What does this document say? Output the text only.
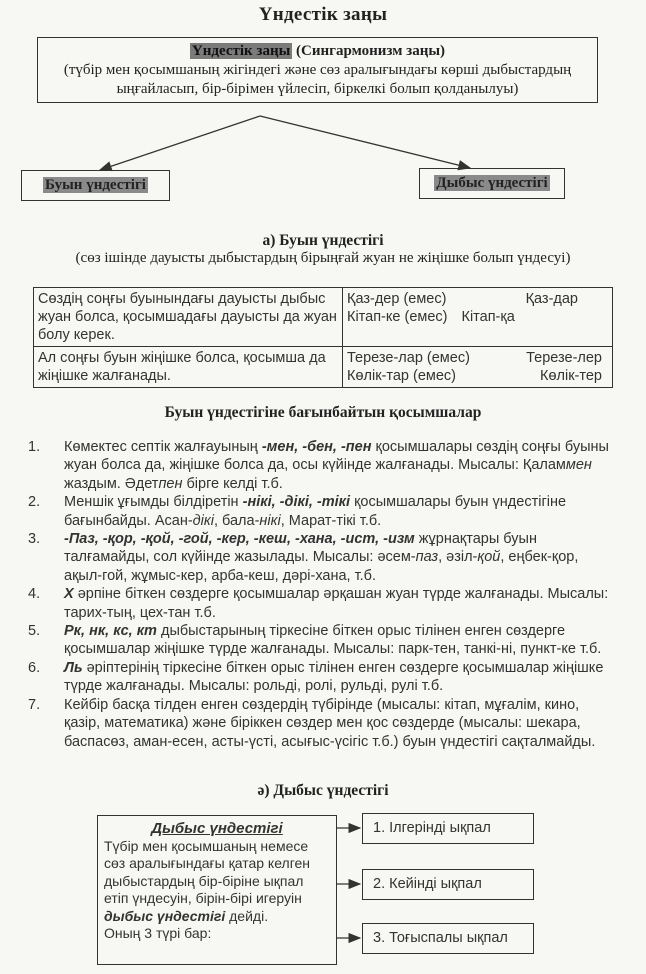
Үндестік заңы
Үндестік заңы (Сингармонизм заңы)
(түбір мен қосымшаның жігіндегі және сөз аралығындағы көрші дыбыстардың ыңғайласып, бір-бірімен үйлесіп, біркелкі болып қолданылуы)
Буын үндестігі	Дыбыс үндестігі
а) Буын үндестігі
(сөз ішінде дауысты дыбыстардың бірыңғай жуан не жіңішке болып үндесуі)
Сөздің соңғы буынындағы дауысты дыбыс жуан болса, қосымшадағы дауысты да жуан болу керек.	Қаз-дер (емес) Қаз-дар
Кітап-ке (емес) Кітап-қа

Ал соңғы буын жіңішке болса, қосымша да жіңішке жалғанады.	Терезе-лар (емес) Терезе-лер
Көлік-тар (емес) Көлік-тер
Буын үндестігіне бағынбайтын қосымшалар
1.	Көмектес септік жалғауының -мен, -бен, -пен қосымшалары сөздің соңғы буыны жуан болса да, жіңішке болса да, осы күйінде жалғанады. Мысалы: Қаламмен жаздым. Әдетпен бірге келді т.б.
2.	Меншік ұғымды білдіретін -нікі, -дікі, -тікі қосымшалары буын үндестігіне бағынбайды. Асан-дікі, бала-нікі, Марат-тікі т.б.
3.	-Паз, -қор, -қой, -гой, -кер, -кеш, -хана, -ист, -изм жұрнақтары буын талғамайды, сол күйінде жазылады. Мысалы: әсем-паз, әзіл-қой, еңбек-қор, ақыл-гой, жұмыс-кер, арба-кеш, дәрі-хана, т.б.
4.	Х әрпіне біткен сөздерге қосымшалар әрқашан жуан түрде жалғанады. Мысалы: тарих-тың, цех-тан т.б.
5.	Рк, нк, кс, кт дыбыстарының тіркесіне біткен орыс тілінен енген сөздерге қосымшалар жіңішке түрде жалғанады. Мысалы: парк-тен, танкі-ні, пункт-ке т.б.
6.	Ль әріптерінің тіркесіне біткен орыс тілінен енген сөздерге қосымшалар жіңішке түрде жалғанады. Мысалы: рольді, ролі, рульді, рулі т.б.
7.	Кейбір басқа тілден енген сөздердің түбірінде (мысалы: кітап, мұғалім, кино, қазір, математика) және біріккен сөздер мен қос сөздерде (мысалы: шекара, баспасөз, аман-есен, асты-үсті, асығыс-үсігіс т.б.) буын үндестігі сақталмайды.
ә) Дыбыс үндестігі
Дыбыс үндестігі
Түбір мен қосымшаның немесе сөз аралығындағы қатар келген дыбыстардың бір-біріне ықпал етіп үндесуін, бірін-бірі игеруін дыбыс үндестігі дейді.
Оның 3 түрі бар:
1. Ілгерінді ықпал
2. Кейінді ықпал
3. Тоғыспалы ықпал
